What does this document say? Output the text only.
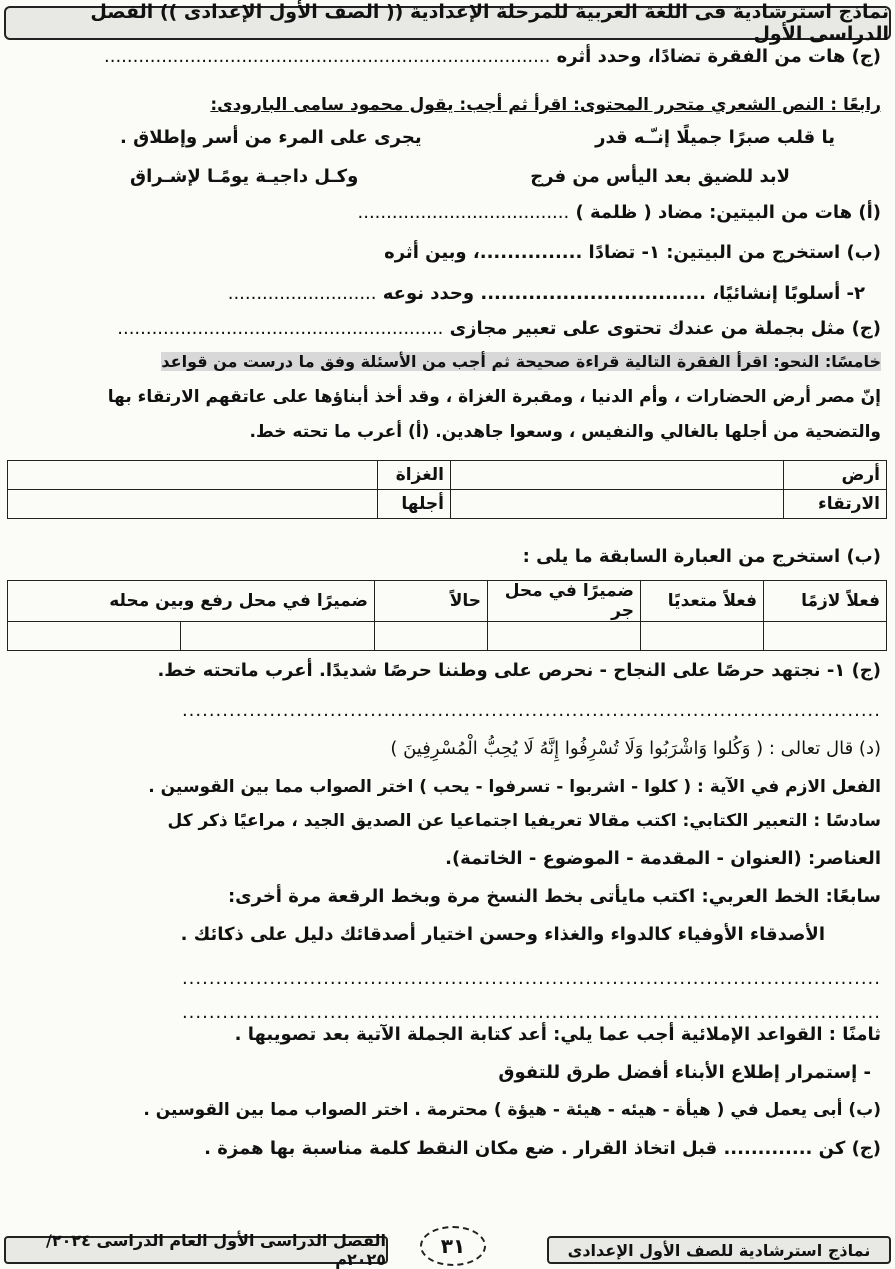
نماذج استرشادية فى اللغة العربية للمرحلة الإعدادية (( الصف الأول الإعدادى )) الفصل الدراسى الأول
(ج) هات من الفقرة تضادًا، وحدد أثره ..............................................................................
رابعًا : النص الشعري متحرر المحتوى: اقرأ ثم أجب: يقول محمود سامى البارودى:
يا قلب صبرًا جميلًا إنـّـه قدر
يجرى على المرء من أسر وإطلاق .
لابد للضيق بعد اليأس من فرج
وكـل داجيـة يومًـا لإشـراق
(أ) هات من البيتين: مضاد ( ظلمة ) .....................................
(ب) استخرج من البيتين: ١- تضادًا ...............، وبين أثره
٢- أسلوبًا إنشائيًا، ................................. وحدد نوعه ..........................
(ج) مثل بجملة من عندك تحتوى على تعبير مجازى .........................................................
خامسًا: النحو: اقرأ الفقرة التالية قراءة صحيحة ثم أجب من الأسئلة وفق ما درست من قواعد
إنّ مصر أرض الحضارات ، وأم الدنيا ، ومقبرة الغزاة ، وقد أخذ أبناؤها على عاتقهم الارتقاء بها
والتضحية من أجلها بالغالي والنفيس ، وسعوا جاهدين. (أ) أعرب ما تحته خط.
أرض		الغزاة	
الارتقاء		أجلها	
(ب) استخرج من العبارة السابقة ما يلى :
فعلاً لازمًا	فعلاً متعديًا	ضميرًا في محل جر	حالاً	ضميرًا في محل رفع وبين محله	

(ج) ١- نجتهد حرصًا على النجاح - نحرص على وطننا حرصًا شديدًا. أعرب ماتحته خط.
........................................................................................................
(د) قال تعالى : ( وَكُلوا وَاشْرَبُوا وَلَا تُسْرِفُوا إِنَّهُ لَا يُحِبُّ الْمُسْرِفِينَ )
الفعل الازم في الآية : ( كلوا - اشربوا - تسرفوا - يحب ) اختر الصواب مما بين القوسين .
سادسًا : التعبير الكتابي: اكتب مقالا تعريفيا اجتماعيا عن الصديق الجيد ، مراعيًا ذكر كل
العناصر: (العنوان - المقدمة - الموضوع - الخاتمة).
سابعًا: الخط العربي: اكتب مايأتى بخط النسخ مرة وبخط الرقعة مرة أخرى:
الأصدقاء الأوفياء كالدواء والغذاء وحسن اختيار أصدقائك دليل على ذكائك .
........................................................................................................
........................................................................................................
ثامنًا : القواعد الإملائية أجب عما يلي: أعد كتابة الجملة الآتية بعد تصويبها .
- إستمرار إطلاع الأبناء أفضل طرق للتفوق
(ب) أبى يعمل في ( هيأة - هيئه - هيئة - هيؤة ) محترمة . اختر الصواب مما بين القوسين .
(ج) كن ............. قبل اتخاذ القرار . ضع مكان النقط كلمة مناسبة بها همزة .
نماذج استرشادية للصف الأول الإعدادى
٣١
الفصل الدراسى الأول العام الدراسى ٢٠٢٤/ ٢٠٢٥م
